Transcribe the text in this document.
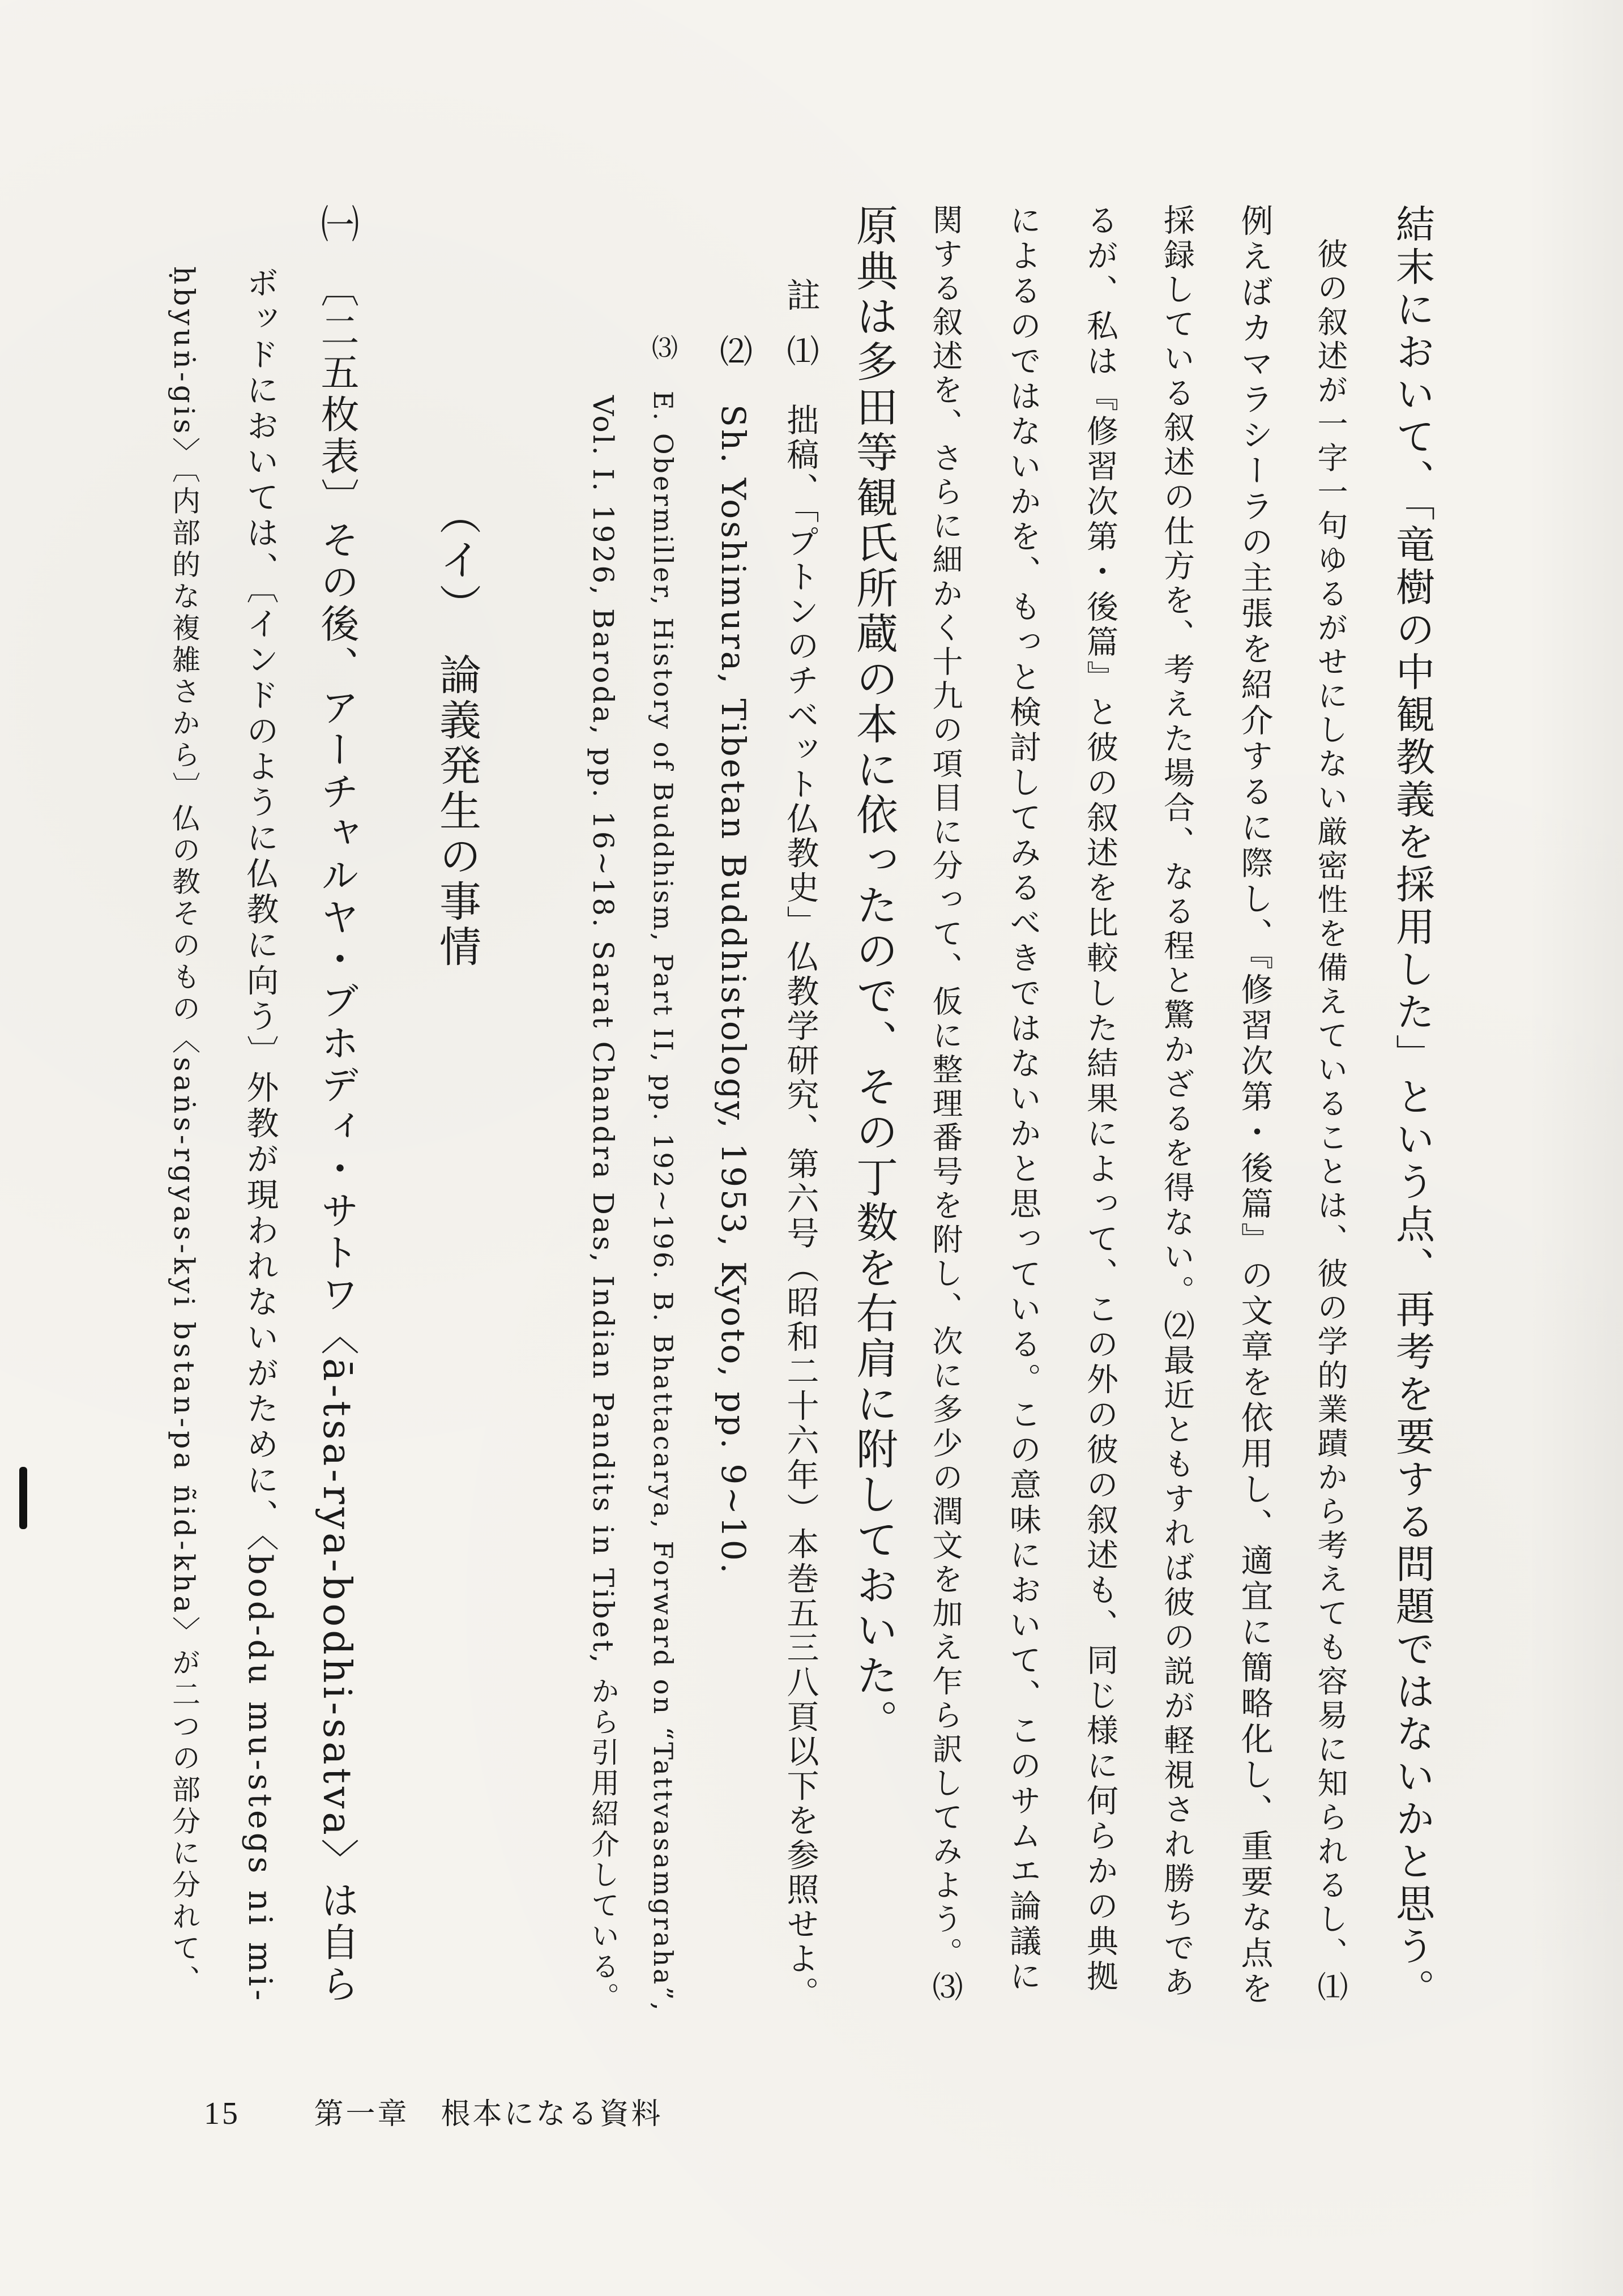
結末において、「竜樹の中観教義を採用した」という点、再考を要する問題ではないかと思う。
　彼の叙述が一字一句ゆるがせにしない厳密性を備えていることは、彼の学的業蹟から考えても容易に知られるし、⑴
例えばカマラシーラの主張を紹介するに際し、『修習次第・後篇』の文章を依用し、適宜に簡略化し、重要な点を
採録している叙述の仕方を、考えた場合、なる程と驚かざるを得ない。⑵最近ともすれば彼の説が軽視され勝ちであ
るが、私は『修習次第・後篇』と彼の叙述を比較した結果によって、この外の彼の叙述も、同じ様に何らかの典拠
によるのではないかを、もっと検討してみるべきではないかと思っている。この意味において、このサムエ論議に
関する叙述を、さらに細かく十九の項目に分って、仮に整理番号を附し、次に多少の潤文を加え乍ら訳してみよう。⑶
原典は多田等観氏所蔵の本に依ったので、その丁数を右肩に附しておいた。
註
⑴　拙稿、「プトンのチベット仏教史」仏教学研究、第六号（昭和二十六年）本巻五三八頁以下を参照せよ。
⑵　Sh. Yoshimura, Tibetan Buddhistology, 1953, Kyoto, pp. 9~10.
⑶　E. Obermiller, History of Buddhism, Part II, pp. 192~196. B. Bhattacarya, Forward on “Tattvasamgraha”,
　　Vol. I. 1926, Baroda, pp. 16~18. Sarat Chandra Das, Indian Pandits in Tibet, から引用紹介している。
（イ）　論義発生の事情
㈠　〔二五枚表〕その後、アーチャルヤ・ブホディ・サトワ〈ā-tsa-rya-bodhi-satva〉は自ら
ボッドにおいては、〔インドのように仏教に向う〕外教が現われないがために、〈bod-du mu-stegs ni mi-
ḥbyuṅ-gis〉〔内部的な複雑さから〕仏の教そのもの〈saṅs-rgyas-kyi bstan-pa ñid-kha〉が二つの部分に分れて、
15	第一章　根本になる資料
